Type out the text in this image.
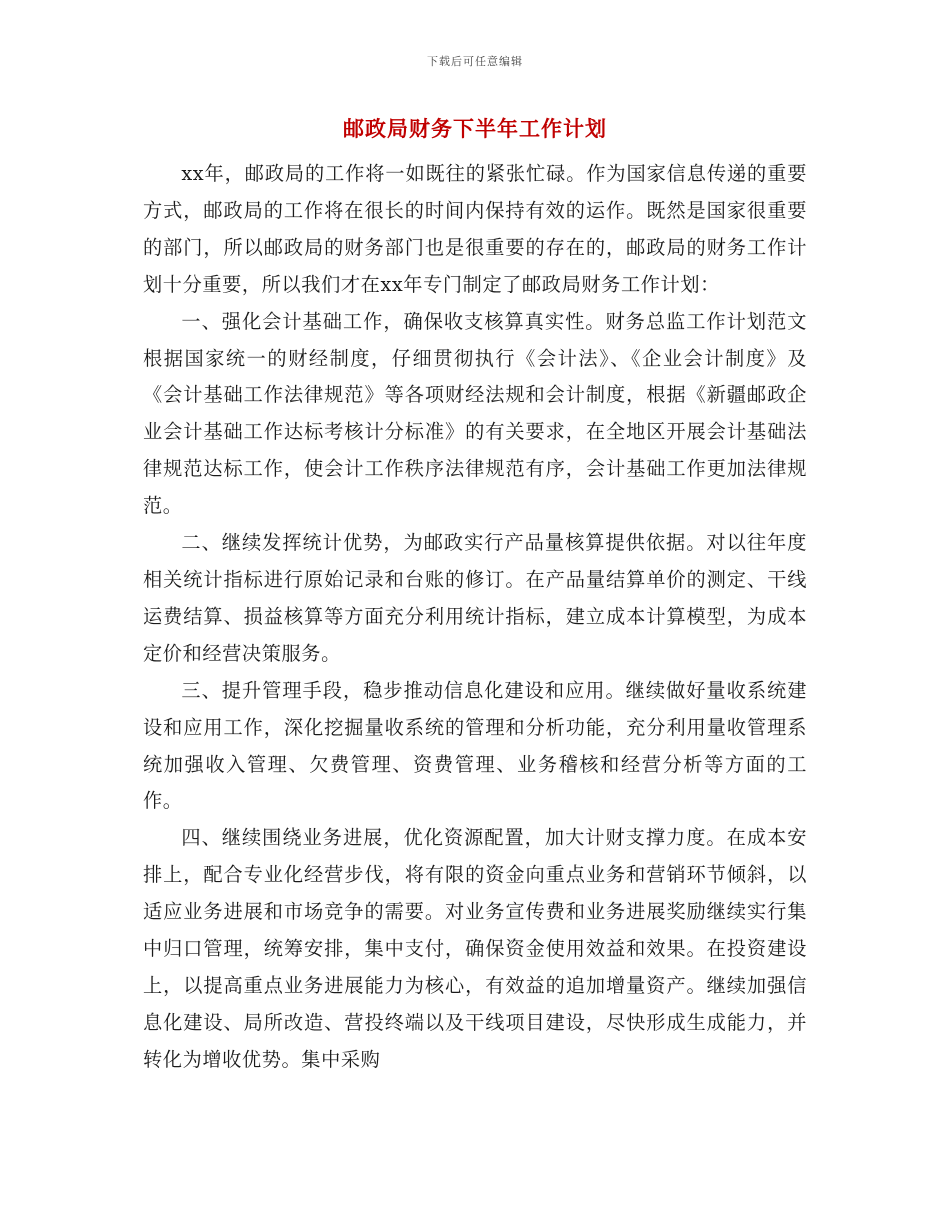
下载后可任意编辑
邮政局财务下半年工作计划

xx年，邮政局的工作将一如既往的紧张忙碌。作为国家信息传递的重要方式，邮政局的工作将在很长的时间内保持有效的运作。既然是国家很重要的部门，所以邮政局的财务部门也是很重要的存在的，邮政局的财务工作计划十分重要，所以我们才在xx年专门制定了邮政局财务工作计划：

一、强化会计基础工作，确保收支核算真实性。财务总监工作计划范文根据国家统一的财经制度，仔细贯彻执行《会计法》、《企业会计制度》及《会计基础工作法律规范》等各项财经法规和会计制度，根据《新疆邮政企业会计基础工作达标考核计分标准》的有关要求，在全地区开展会计基础法律规范达标工作，使会计工作秩序法律规范有序，会计基础工作更加法律规范。

二、继续发挥统计优势，为邮政实行产品量核算提供依据。对以往年度相关统计指标进行原始记录和台账的修订。在产品量结算单价的测定、干线运费结算、损益核算等方面充分利用统计指标，建立成本计算模型，为成本定价和经营决策服务。

三、提升管理手段，稳步推动信息化建设和应用。继续做好量收系统建设和应用工作，深化挖掘量收系统的管理和分析功能，充分利用量收管理系统加强收入管理、欠费管理、资费管理、业务稽核和经营分析等方面的工作。

四、继续围绕业务进展，优化资源配置，加大计财支撑力度。在成本安排上，配合专业化经营步伐，将有限的资金向重点业务和营销环节倾斜，以适应业务进展和市场竞争的需要。对业务宣传费和业务进展奖励继续实行集中归口管理，统筹安排，集中支付，确保资金使用效益和效果。在投资建设上，以提高重点业务进展能力为核心，有效益的追加增量资产。继续加强信息化建设、局所改造、营投终端以及干线项目建设，尽快形成生成能力，并转化为增收优势。集中采购
